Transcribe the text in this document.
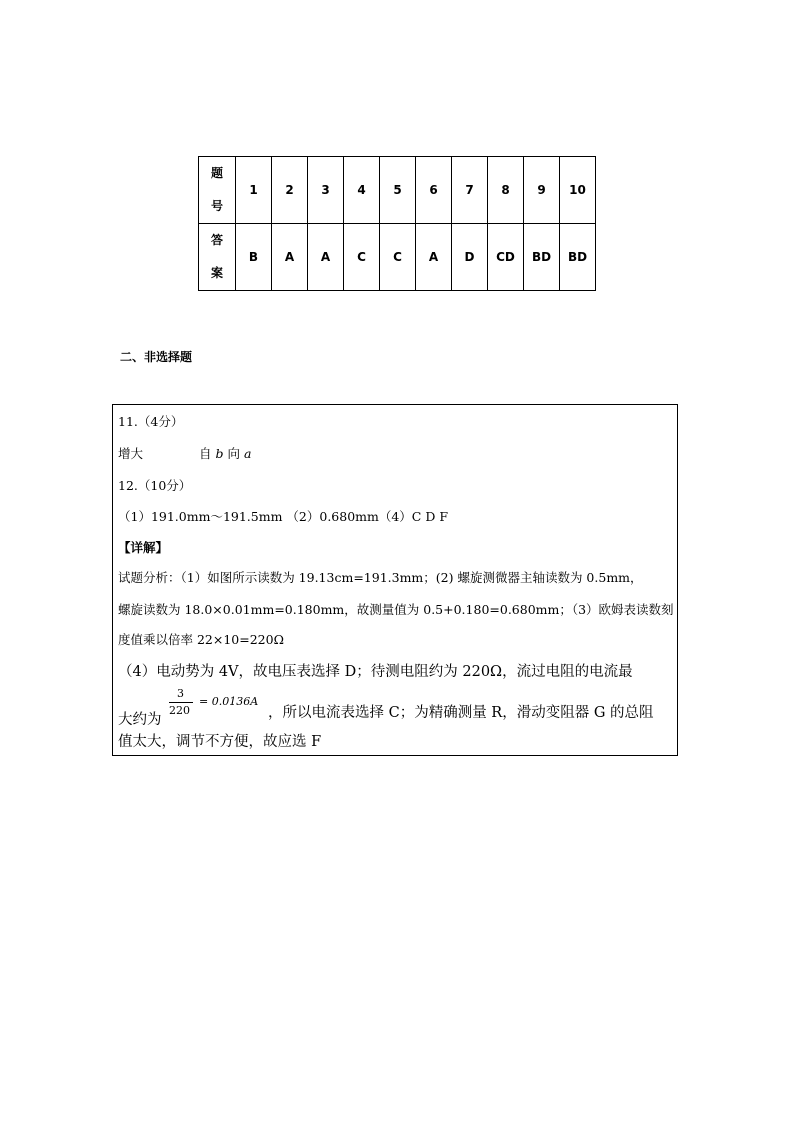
题
号	1	2	3	4	5	6	7	8	9	10

答
案	B	A	A	C	C	A	D	CD	BD	BD
二、非选择题
11.（4分）
增大	自 b 向 a
12.（10分）
（1）191.0mm～191.5mm （2）0.680mm（4）C D F
【详解】
试题分析：（1）如图所示读数为 19.13cm=191.3mm；(2) 螺旋测微器主轴读数为 0.5mm，
螺旋读数为 18.0×0.01mm=0.180mm，故测量值为 0.5+0.180=0.680mm；（3）欧姆表读数刻
度值乘以倍率 22×10=220Ω
（4）电动势为 4V，故电压表选择 D；待测电阻约为 220Ω，流过电阻的电流最
大约为
3
220
= 0.0136A
，所以电流表选择 C；为精确测量 R，滑动变阻器 G 的总阻
值太大，调节不方便，故应选 F
